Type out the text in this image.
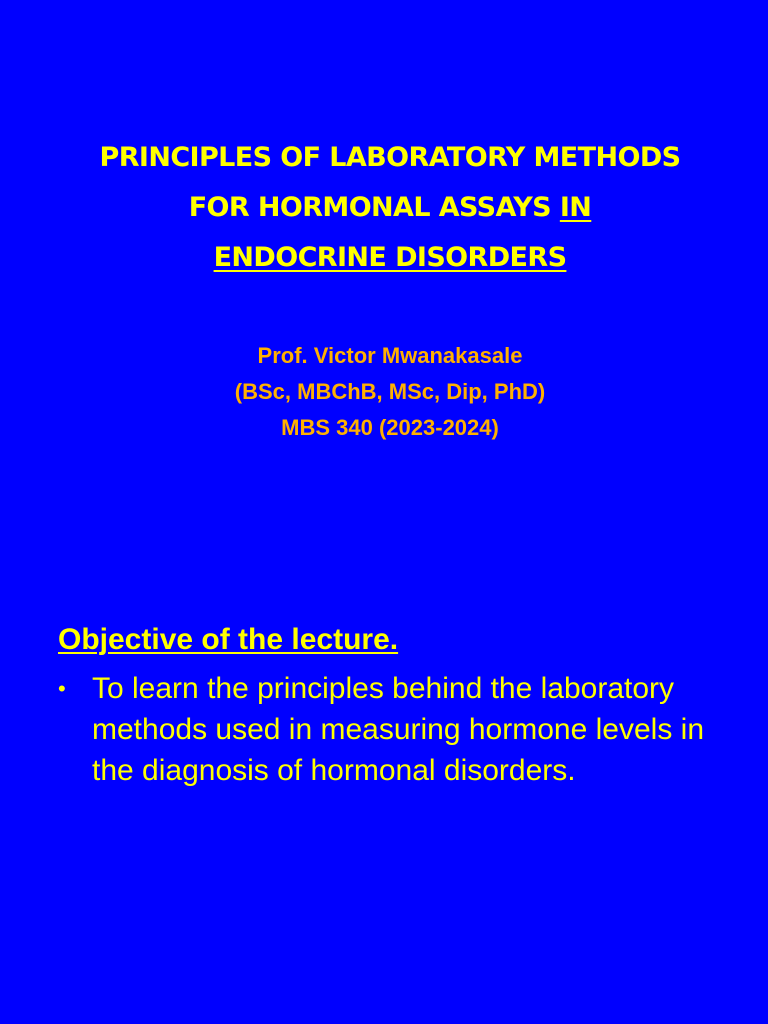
PRINCIPLES OF LABORATORY METHODS
FOR HORMONAL ASSAYS IN
ENDOCRINE DISORDERS
Prof. Victor Mwanakasale
(BSc, MBChB, MSc, Dip, PhD)
MBS 340 (2023-2024)
Objective of the lecture.
• To learn the principles behind the laboratory methods used in measuring hormone levels in the diagnosis of hormonal disorders.
